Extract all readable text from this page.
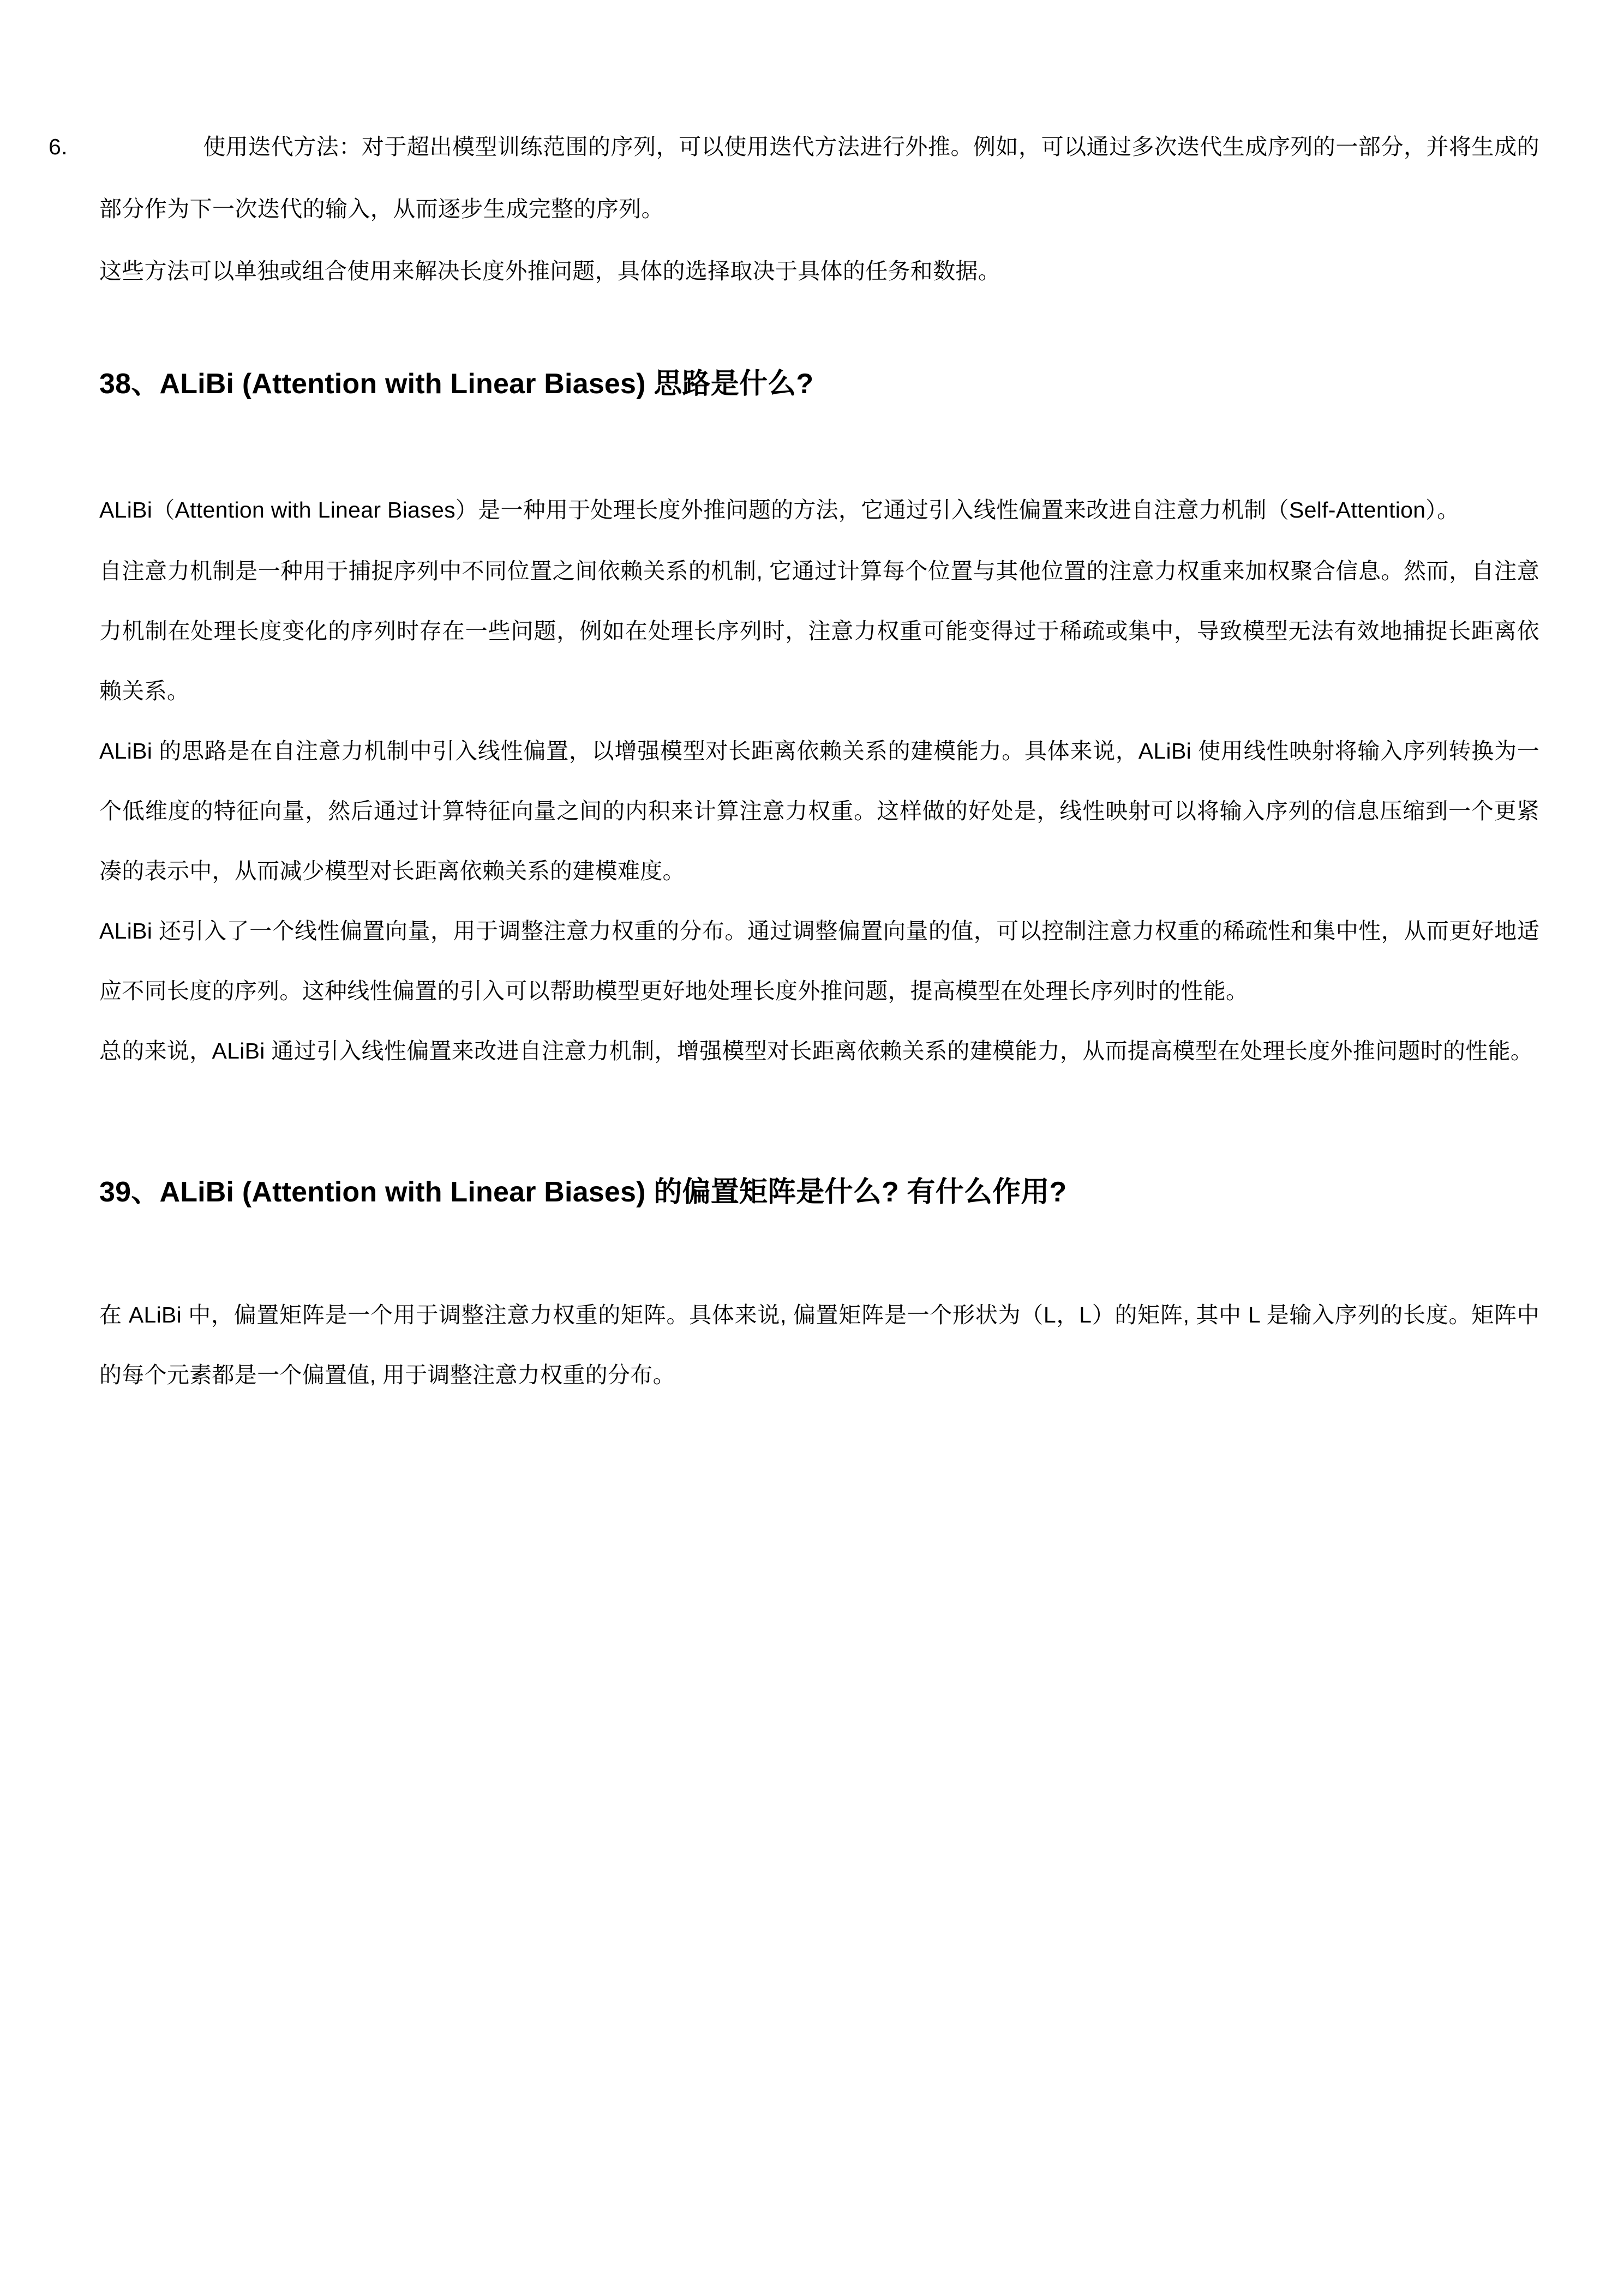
6.	使用迭代方法：对于超出模型训练范围的序列，可以使用迭代方法进行外推。例如，可以通过多次迭代生成序列的一部分，并将生成的部分作为下一次迭代的输入，从而逐步生成完整的序列。

这些方法可以单独或组合使用来解决长度外推问题，具体的选择取决于具体的任务和数据。

38、ALiBi (Attention with Linear Biases) 思路是什么?

ALiBi（Attention with Linear Biases）是一种用于处理长度外推问题的方法，它通过引入线性偏置来改进自注意力机制（Self-Attention）。

自注意力机制是一种用于捕捉序列中不同位置之间依赖关系的机制, 它通过计算每个位置与其他位置的注意力权重来加权聚合信息。然而，自注意力机制在处理长度变化的序列时存在一些问题，例如在处理长序列时，注意力权重可能变得过于稀疏或集中，导致模型无法有效地捕捉长距离依赖关系。

ALiBi 的思路是在自注意力机制中引入线性偏置，以增强模型对长距离依赖关系的建模能力。具体来说，ALiBi 使用线性映射将输入序列转换为一个低维度的特征向量，然后通过计算特征向量之间的内积来计算注意力权重。这样做的好处是，线性映射可以将输入序列的信息压缩到一个更紧凑的表示中，从而减少模型对长距离依赖关系的建模难度。

ALiBi 还引入了一个线性偏置向量，用于调整注意力权重的分布。通过调整偏置向量的值，可以控制注意力权重的稀疏性和集中性，从而更好地适应不同长度的序列。这种线性偏置的引入可以帮助模型更好地处理长度外推问题，提高模型在处理长序列时的性能。

总的来说，ALiBi 通过引入线性偏置来改进自注意力机制，增强模型对长距离依赖关系的建模能力，从而提高模型在处理长度外推问题时的性能。

39、ALiBi (Attention with Linear Biases) 的偏置矩阵是什么? 有什么作用?

在 ALiBi 中，偏置矩阵是一个用于调整注意力权重的矩阵。具体来说, 偏置矩阵是一个形状为（L，L）的矩阵, 其中 L 是输入序列的长度。矩阵中的每个元素都是一个偏置值, 用于调整注意力权重的分布。
